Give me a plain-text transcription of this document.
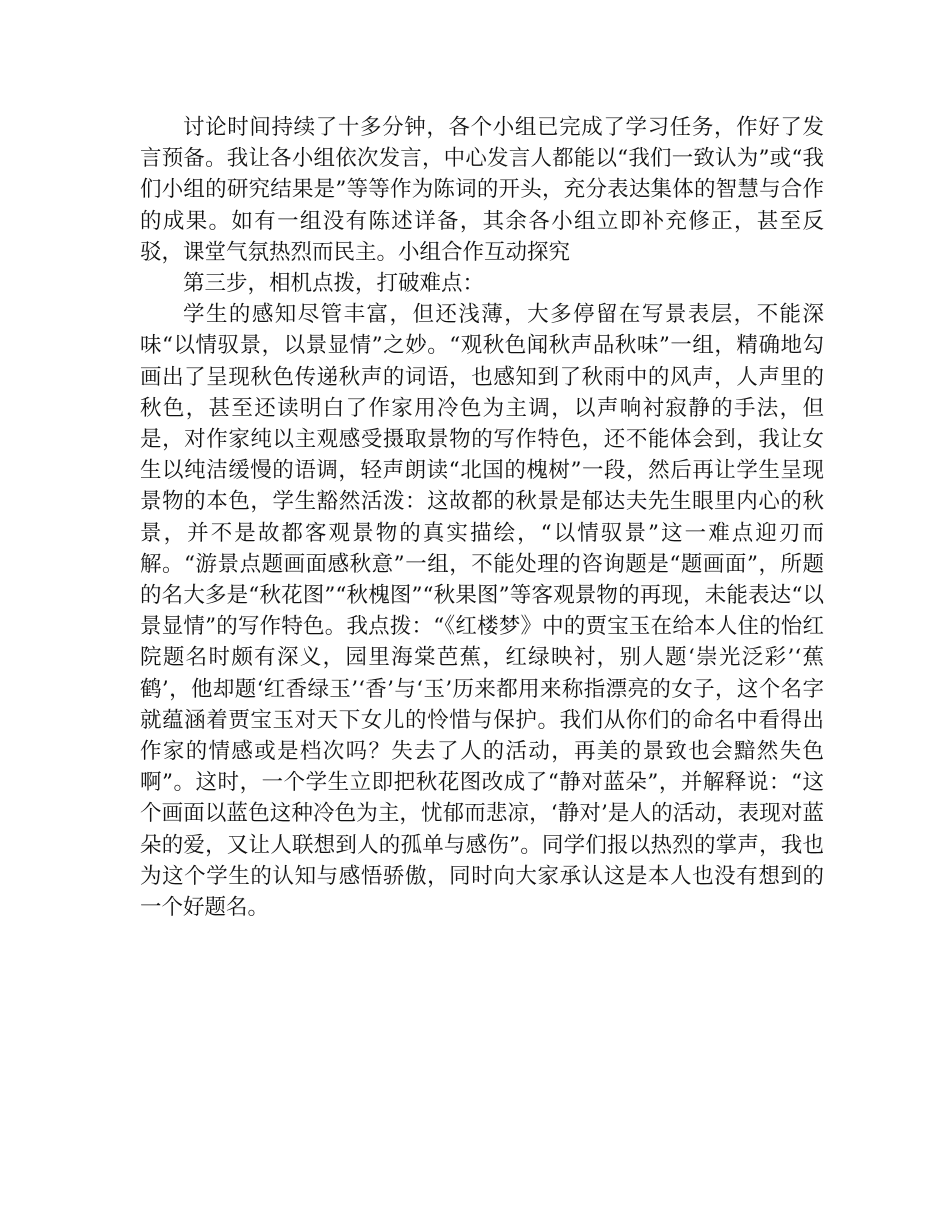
讨论时间持续了十多分钟，各个小组已完成了学习任务，作好了发言预备。我让各小组依次发言，中心发言人都能以“我们一致认为”或“我们小组的研究结果是”等等作为陈词的开头，充分表达集体的智慧与合作的成果。如有一组没有陈述详备，其余各小组立即补充修正，甚至反驳，课堂气氛热烈而民主。小组合作互动探究

第三步，相机点拨，打破难点：

学生的感知尽管丰富，但还浅薄，大多停留在写景表层，不能深味“以情驭景，以景显情”之妙。“观秋色闻秋声品秋味”一组，精确地勾画出了呈现秋色传递秋声的词语，也感知到了秋雨中的风声，人声里的秋色，甚至还读明白了作家用冷色为主调，以声响衬寂静的手法，但是，对作家纯以主观感受摄取景物的写作特色，还不能体会到，我让女生以纯洁缓慢的语调，轻声朗读“北国的槐树”一段，然后再让学生呈现景物的本色，学生豁然活泼：这故都的秋景是郁达夫先生眼里内心的秋景，并不是故都客观景物的真实描绘，“以情驭景”这一难点迎刃而解。“游景点题画面感秋意”一组，不能处理的咨询题是“题画面”，所题的名大多是“秋花图”“秋槐图”“秋果图”等客观景物的再现，未能表达“以景显情”的写作特色。我点拨：“《红楼梦》中的贾宝玉在给本人住的怡红院题名时颇有深义，园里海棠芭蕉，红绿映衬，别人题‘崇光泛彩’‘蕉鹤’，他却题‘红香绿玉’‘香’与‘玉’历来都用来称指漂亮的女子，这个名字就蕴涵着贾宝玉对天下女儿的怜惜与保护。我们从你们的命名中看得出作家的情感或是档次吗？失去了人的活动，再美的景致也会黯然失色啊”。这时，一个学生立即把秋花图改成了“静对蓝朵”，并解释说：“这个画面以蓝色这种冷色为主，忧郁而悲凉，‘静对’是人的活动，表现对蓝朵的爱，又让人联想到人的孤单与感伤”。同学们报以热烈的掌声，我也为这个学生的认知与感悟骄傲，同时向大家承认这是本人也没有想到的一个好题名。
